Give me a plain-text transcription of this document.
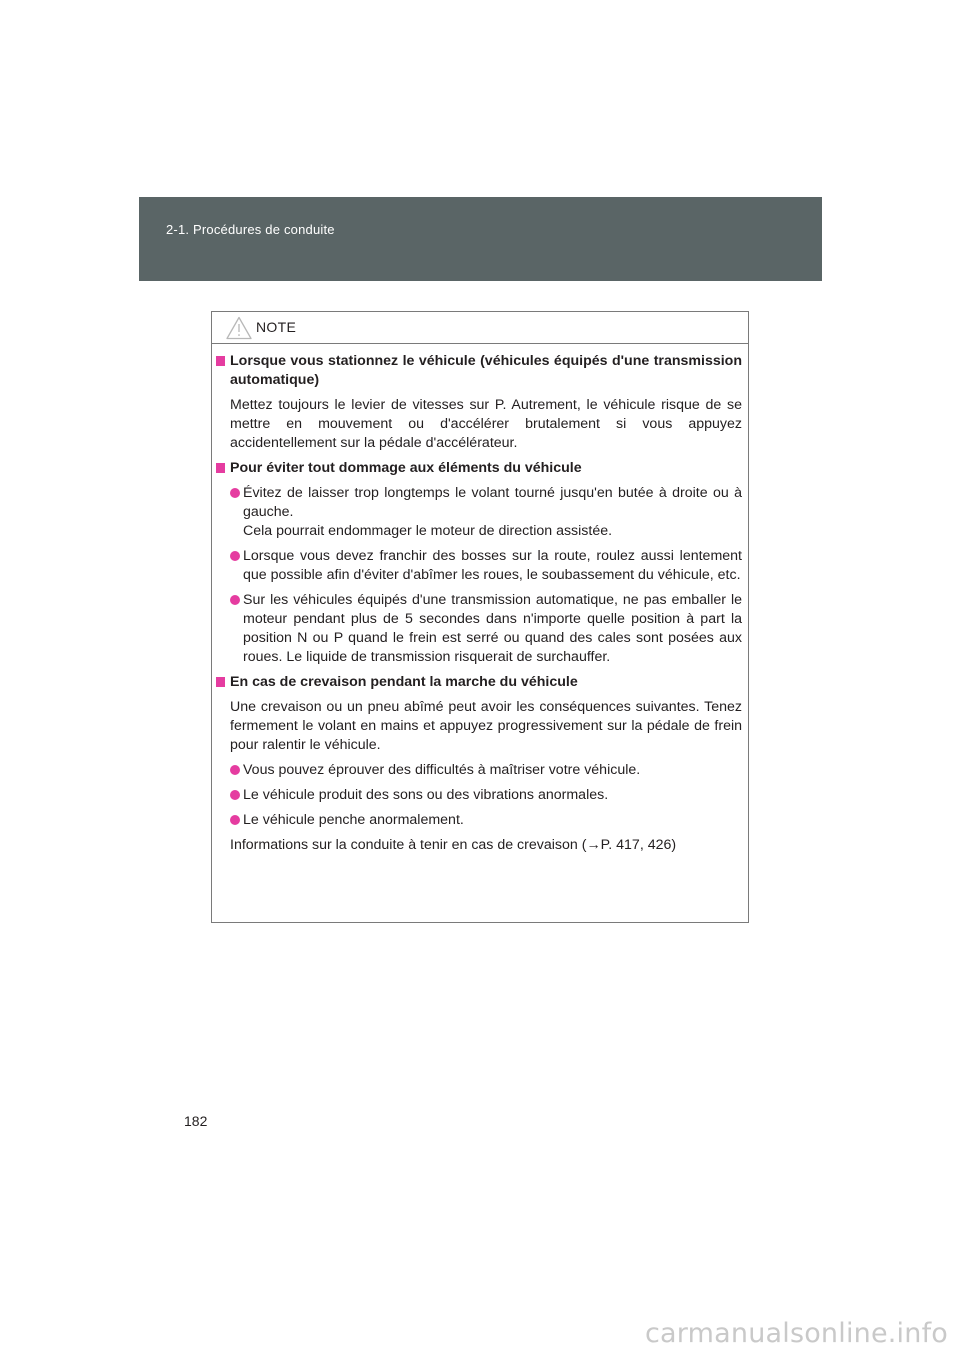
2-1. Procédures de conduite
NOTE
Lorsque vous stationnez le véhicule (véhicules équipés d'une transmission automatique)
Mettez toujours le levier de vitesses sur P. Autrement, le véhicule risque de se mettre en mouvement ou d'accélérer brutalement si vous appuyez accidentellement sur la pédale d'accélérateur.
Pour éviter tout dommage aux éléments du véhicule
Évitez de laisser trop longtemps le volant tourné jusqu'en butée à droite ou à gauche.
Cela pourrait endommager le moteur de direction assistée.
Lorsque vous devez franchir des bosses sur la route, roulez aussi lentement que possible afin d'éviter d'abîmer les roues, le soubassement du véhicule, etc.
Sur les véhicules équipés d'une transmission automatique, ne pas emballer le moteur pendant plus de 5 secondes dans n'importe quelle position à part la position N ou P quand le frein est serré ou quand des cales sont posées aux roues. Le liquide de transmission risquerait de surchauffer.
En cas de crevaison pendant la marche du véhicule
Une crevaison ou un pneu abîmé peut avoir les conséquences suivantes. Tenez fermement le volant en mains et appuyez progressivement sur la pédale de frein pour ralentir le véhicule.
Vous pouvez éprouver des difficultés à maîtriser votre véhicule.
Le véhicule produit des sons ou des vibrations anormales.
Le véhicule penche anormalement.
Informations sur la conduite à tenir en cas de crevaison (→P. 417, 426)
182
carmanualsonline.info
